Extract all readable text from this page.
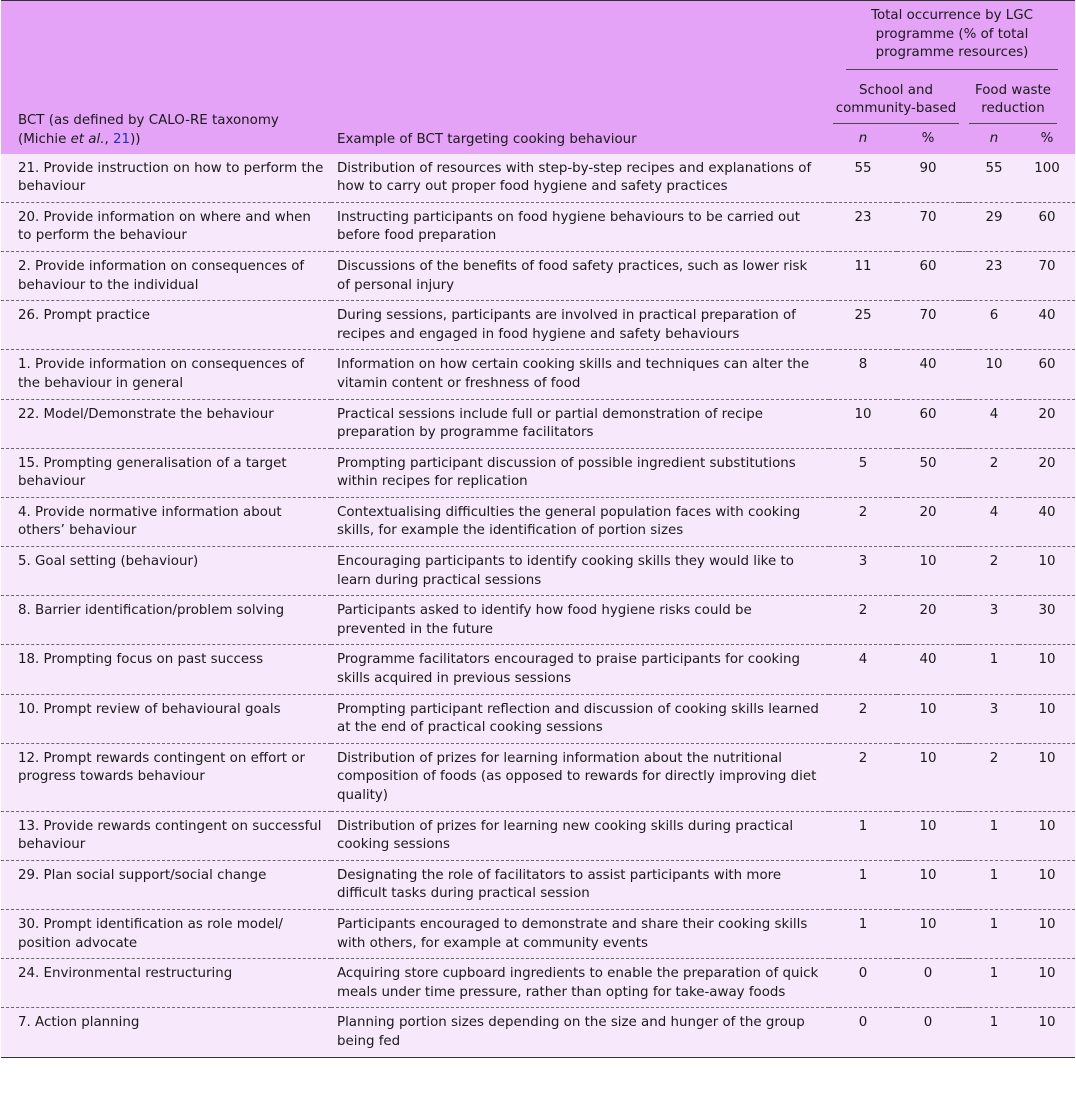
BCT (as defined by CALO-RE taxonomy
(Michie et al., 21))	Example of BCT targeting cooking behaviour	Total occurrence by LGC programme (% of total programme resources)				

		School and community-based			Food waste reduction	

		n	%		n	%
21. Provide instruction on how to perform the behaviour	Distribution of resources with step-by-step recipes and explanations of how to carry out proper food hygiene and safety practices	55	90		55	100
20. Provide information on where and when to perform the behaviour	Instructing participants on food hygiene behaviours to be carried out before food preparation	23	70		29	60
2. Provide information on consequences of behaviour to the individual	Discussions of the benefits of food safety practices, such as lower risk of personal injury	11	60		23	70
26. Prompt practice	During sessions, participants are involved in practical preparation of recipes and engaged in food hygiene and safety behaviours	25	70		6	40
1. Provide information on consequences of the behaviour in general	Information on how certain cooking skills and techniques can alter the vitamin content or freshness of food	8	40		10	60
22. Model/Demonstrate the behaviour	Practical sessions include full or partial demonstration of recipe preparation by programme facilitators	10	60		4	20
15. Prompting generalisation of a target behaviour	Prompting participant discussion of possible ingredient substitutions within recipes for replication	5	50		2	20
4. Provide normative information about others’ behaviour	Contextualising difficulties the general population faces with cooking skills, for example the identification of portion sizes	2	20		4	40
5. Goal setting (behaviour)	Encouraging participants to identify cooking skills they would like to learn during practical sessions	3	10		2	10
8. Barrier identification/problem solving	Participants asked to identify how food hygiene risks could be prevented in the future	2	20		3	30
18. Prompting focus on past success	Programme facilitators encouraged to praise participants for cooking skills acquired in previous sessions	4	40		1	10
10. Prompt review of behavioural goals	Prompting participant reflection and discussion of cooking skills learned at the end of practical cooking sessions	2	10		3	10
12. Prompt rewards contingent on effort or progress towards behaviour	Distribution of prizes for learning information about the nutritional composition of foods (as opposed to rewards for directly improving diet quality)	2	10		2	10
13. Provide rewards contingent on successful behaviour	Distribution of prizes for learning new cooking skills during practical cooking sessions	1	10		1	10
29. Plan social support/social change	Designating the role of facilitators to assist participants with more difficult tasks during practical session	1	10		1	10
30. Prompt identification as role model/ position advocate	Participants encouraged to demonstrate and share their cooking skills with others, for example at community events	1	10		1	10
24. Environmental restructuring	Acquiring store cupboard ingredients to enable the preparation of quick meals under time pressure, rather than opting for take-away foods	0	0		1	10
7. Action planning	Planning portion sizes depending on the size and hunger of the group being fed	0	0		1	10
